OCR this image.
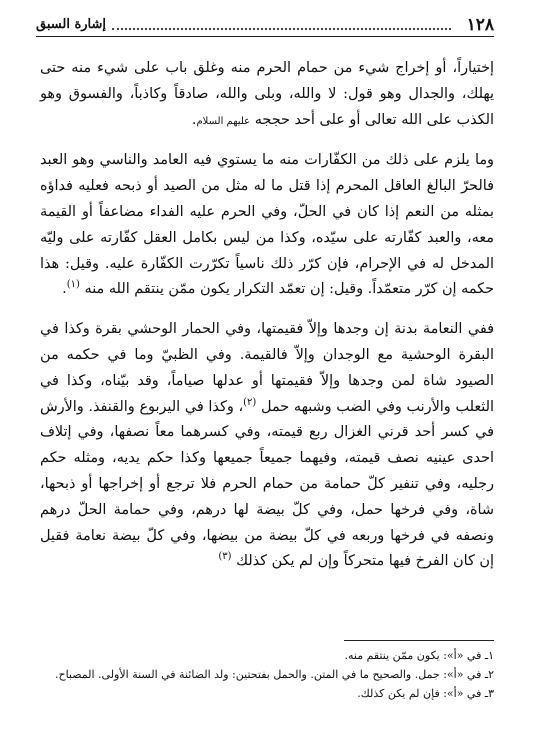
١٢٨
إشارة السبق

إختياراً، أو إخراج شيء من حمام الحرم منه وغلق باب على شيء منه حتى يهلك، والجدال وهو قول: لا والله، وبلى والله، صادقاً وكاذباً، والفسوق وهو الكذب على الله تعالى أو على أحد حججه عليهم السلام.

وما يلزم على ذلك من الكفّارات منه ما يستوي فيه العامد والناسي وهو العبد فالحرّ البالغ العاقل المحرم إذا قتل ما له مثل من الصيد أو ذبحه فعليه فداؤه بمثله من النعم إذا كان في الحلّ، وفي الحرم عليه الفداء مضاعفاً أو القيمة معه، والعبد كفّارته على سيّده، وكذا من ليس بكامل العقل كفّارته على وليّه المدخل له في الإحرام، فإن كرّر ذلك ناسياً تكرّرت الكفّارة عليه. وقيل: هذا حكمه إن كرّر متعمّداً. وقيل: إن تعمّد التكرار يكون ممّن ينتقم الله منه $^{(١)}$.

ففي النعامة بدنة إن وجدها وإلاّ فقيمتها، وفي الحمار الوحشي بقرة وكذا في البقرة الوحشية مع الوجدان وإلاّ فالقيمة. وفي الظبيّ وما في حكمه من الصيود شاة لمن وجدها وإلاّ فقيمتها أو عدلها صياماً، وقد بيّناه، وكذا في الثعلب والأرنب وفي الضب وشبهه حمل $^{(٢)}$، وكذا في اليربوع والقنفذ. والأرش في كسر أحد قرني الغزال ربع قيمته، وفي كسرهما معاً نصفها، وفي إتلاف احدى عينيه نصف قيمته، وفيهما جميعاً جميعها وكذا حكم يديه، ومثله حكم رجليه، وفي تنفير كلّ حمامة من حمام الحرم فلا ترجع أو إخراجها أو ذبحها، شاة، وفي فرخها حمل، وفي كلّ بيضة لها درهم، وفي حمامة الحلّ درهم ونصفه في فرخها وربعه في كلّ بيضة من بيضها، وفي كلّ بيضة نعامة فقيل إن كان الفرخ فيها متحركاً وإن لم يكن كذلك $^{(٣)}$

١ـ في «أ»: يكون ممّن ينتقم منه.

٢ـ في «أ»: جمل. والصحيح ما في المتن. والحمل بفتحتين: ولد الضائنة في السنة الأولى. المصباح.

٣ـ في «أ»: فإن لم يكن كذلك.
